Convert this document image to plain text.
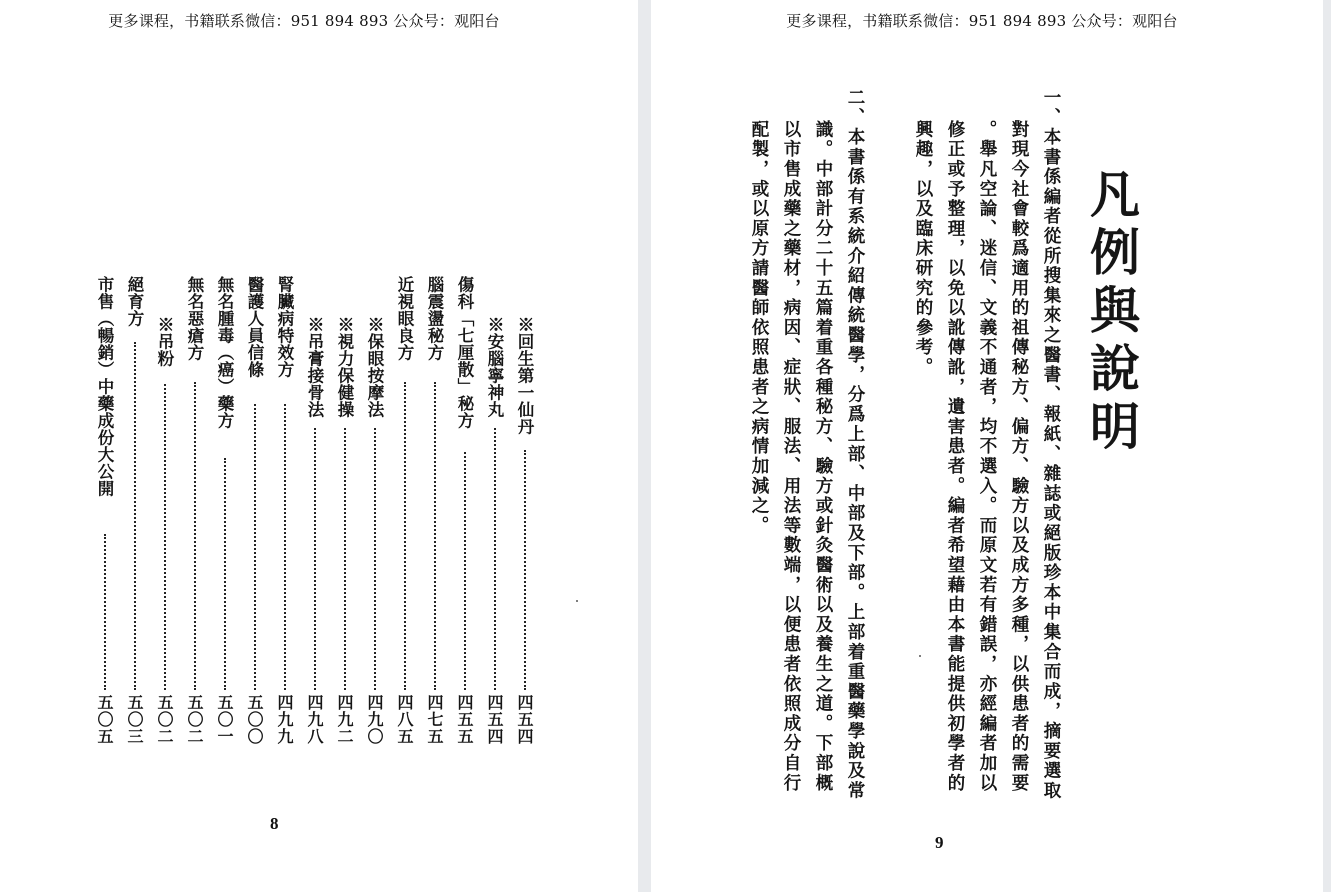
更多课程，书籍联系微信：951 894 893 公众号：观阳台
※回生第一仙丹
四五四
※安腦寧神丸
四五四
傷科「七厘散」秘方
四五五
腦震盪秘方
四七五
近視眼良方
四八五
※保眼按摩法
四九〇
※視力保健操
四九二
※吊膏接骨法
四九八
腎臟病特效方
四九九
醫護人員信條
五〇〇
無名腫毒（癌）藥方
五〇一
無名惡瘡方
五〇二
※吊粉
五〇二
絕育方
五〇三
市售（暢銷）中藥成份大公開
五〇五
8
更多课程，书籍联系微信：951 894 893 公众号：观阳台
凡例與說明
一、本書係編者從所搜集來之醫書、報紙、雜誌或絕版珍本中集合而成，摘要選取
對現今社會較爲適用的祖傳秘方、偏方、驗方以及成方多種，以供患者的需要
。舉凡空論、迷信、文義不通者，均不選入。而原文若有錯誤，亦經編者加以
修正或予整理，以免以訛傳訛，遺害患者。編者希望藉由本書能提供初學者的
興趣，以及臨床研究的參考。
二、本書係有系統介紹傳統醫學，分爲上部、中部及下部。上部着重醫藥學說及常
識。中部計分二十五篇着重各種秘方、驗方或針灸醫術以及養生之道。下部概
以市售成藥之藥材，病因、症狀、服法、用法等數端，以便患者依照成分自行
配製，或以原方請醫師依照患者之病情加減之。
9
